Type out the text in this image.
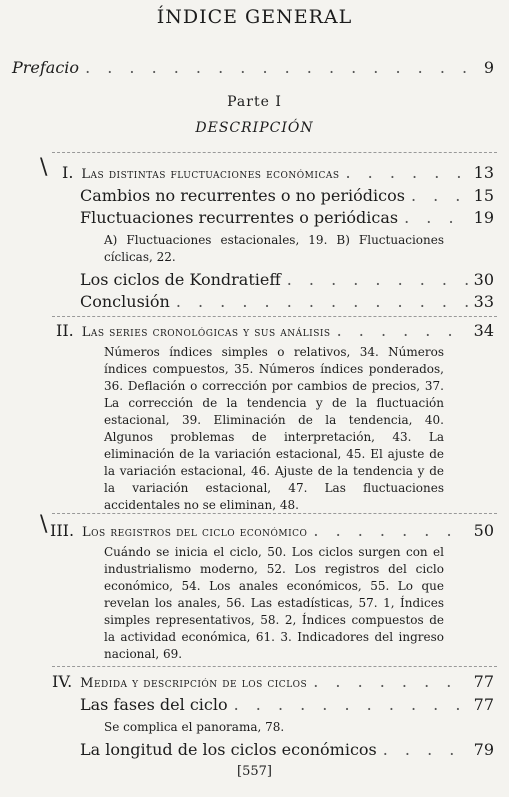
ÍNDICE GENERAL
Prefacio . . .	9
Parte I
DESCRIPCIÓN
\ I. Las distintas fluctuaciones económicas . . .	13
Cambios no recurrentes o no periódicos . . .	15
Fluctuaciones recurrentes o periódicas . . .	19
A) Fluctuaciones estacionales, 19. B) Fluctuaciones cíclicas, 22.
Los ciclos de Kondratieff . . .	30
Conclusión . . .	33
II. Las series cronológicas y sus análisis . . .	34
Números índices simples o relativos, 34. Números índices compuestos, 35. Números índices ponderados, 36. Deflación o corrección por cambios de precios, 37. La corrección de la tendencia y de la fluctuación estacional, 39. Eliminación de la tendencia, 40. Algunos problemas de interpretación, 43. La eliminación de la variación estacional, 45. El ajuste de la variación estacional, 46. Ajuste de la tendencia y de la variación estacional, 47. Las fluctuaciones accidentales no se eliminan, 48.
\ III. Los registros del ciclo económico . . .	50
Cuándo se inicia el ciclo, 50. Los ciclos surgen con el industrialismo moderno, 52. Los registros del ciclo económico, 54. Los anales económicos, 55. Lo que revelan los anales, 56. Las estadísticas, 57. 1, Índices simples representativos, 58. 2, Índices compuestos de la actividad económica, 61. 3. Indicadores del ingreso nacional, 69.
IV. Medida y descripción de los ciclos . . .	77
Las fases del ciclo . . .	77
Se complica el panorama, 78.
La longitud de los ciclos económicos . . .	79
[557]
